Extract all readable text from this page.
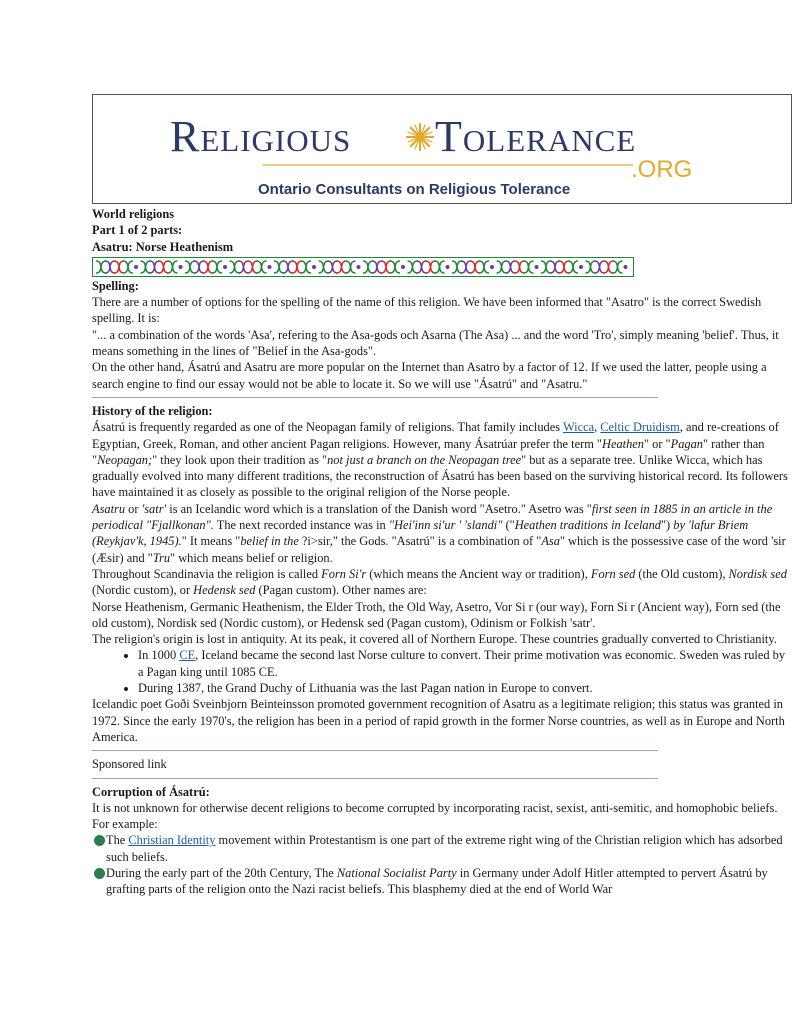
Religious Tolerance
.ORG
Ontario Consultants on Religious Tolerance

World religions

Part 1 of 2 parts:

Asatru: Norse Heathenism

Spelling:

There are a number of options for the spelling of the name of this religion. We have been informed that "Asatro" is the correct Swedish spelling. It is:

"... a combination of the words 'Asa', refering to the Asa-gods och Asarna (The Asa) ... and the word 'Tro', simply meaning 'belief'. Thus, it means something in the lines of "Belief in the Asa-gods".

On the other hand, Ásatrú and Asatru are more popular on the Internet than Asatro by a factor of 12. If we used the latter, people using a search engine to find our essay would not be able to locate it. So we will use "Ásatrú" and "Asatru."

History of the religion:

Ásatrú is frequently regarded as one of the Neopagan family of religions. That family includes Wicca, Celtic Druidism, and re-creations of Egyptian, Greek, Roman, and other ancient Pagan religions. However, many Ásatrúar prefer the term "Heathen" or "Pagan" rather than "Neopagan;" they look upon their tradition as "not just a branch on the Neopagan tree" but as a separate tree. Unlike Wicca, which has gradually evolved into many different traditions, the reconstruction of Ásatrú has been based on the surviving historical record. Its followers have maintained it as closely as possible to the original religion of the Norse people.

Asatru or 'satr' is an Icelandic word which is a translation of the Danish word "Asetro." Asetro was "first seen in 1885 in an article in the periodical "Fjallkonan". The next recorded instance was in "Hei'inn si'ur ' 'slandi" ("Heathen traditions in Iceland") by 'lafur Briem (Reykjav'k, 1945)." It means "belief in the ?i>sir," the Gods. "Asatrú" is a combination of "Asa" which is the possessive case of the word 'sir (Æsir) and "Tru" which means belief or religion.

Throughout Scandinavia the religion is called Forn Si'r (which means the Ancient way or tradition), Forn sed (the Old custom), Nordisk sed (Nordic custom), or Hedensk sed (Pagan custom). Other names are:

Norse Heathenism, Germanic Heathenism, the Elder Troth, the Old Way, Asetro, Vor Si r (our way), Forn Si r (Ancient way), Forn sed (the old custom), Nordisk sed (Nordic custom), or Hedensk sed (Pagan custom), Odinism or Folkish 'satr'.

The religion's origin is lost in antiquity. At its peak, it covered all of Northern Europe. These countries gradually converted to Christianity.

• In 1000 CE, Iceland became the second last Norse culture to convert. Their prime motivation was economic. Sweden was ruled by a Pagan king until 1085 CE.
• During 1387, the Grand Duchy of Lithuania was the last Pagan nation in Europe to convert.

Icelandic poet Goði Sveinbjorn Beinteinsson promoted government recognition of Asatru as a legitimate religion; this status was granted in 1972. Since the early 1970's, the religion has been in a period of rapid growth in the former Norse countries, as well as in Europe and North America.

Sponsored link

Corruption of Ásatrú:

It is not unknown for otherwise decent religions to become corrupted by incorporating racist, sexist, anti-semitic, and homophobic beliefs. For example:

The Christian Identity movement within Protestantism is one part of the extreme right wing of the Christian religion which has adsorbed such beliefs.

During the early part of the 20th Century, The National Socialist Party in Germany under Adolf Hitler attempted to pervert Ásatrú by grafting parts of the religion onto the Nazi racist beliefs. This blasphemy died at the end of World War
